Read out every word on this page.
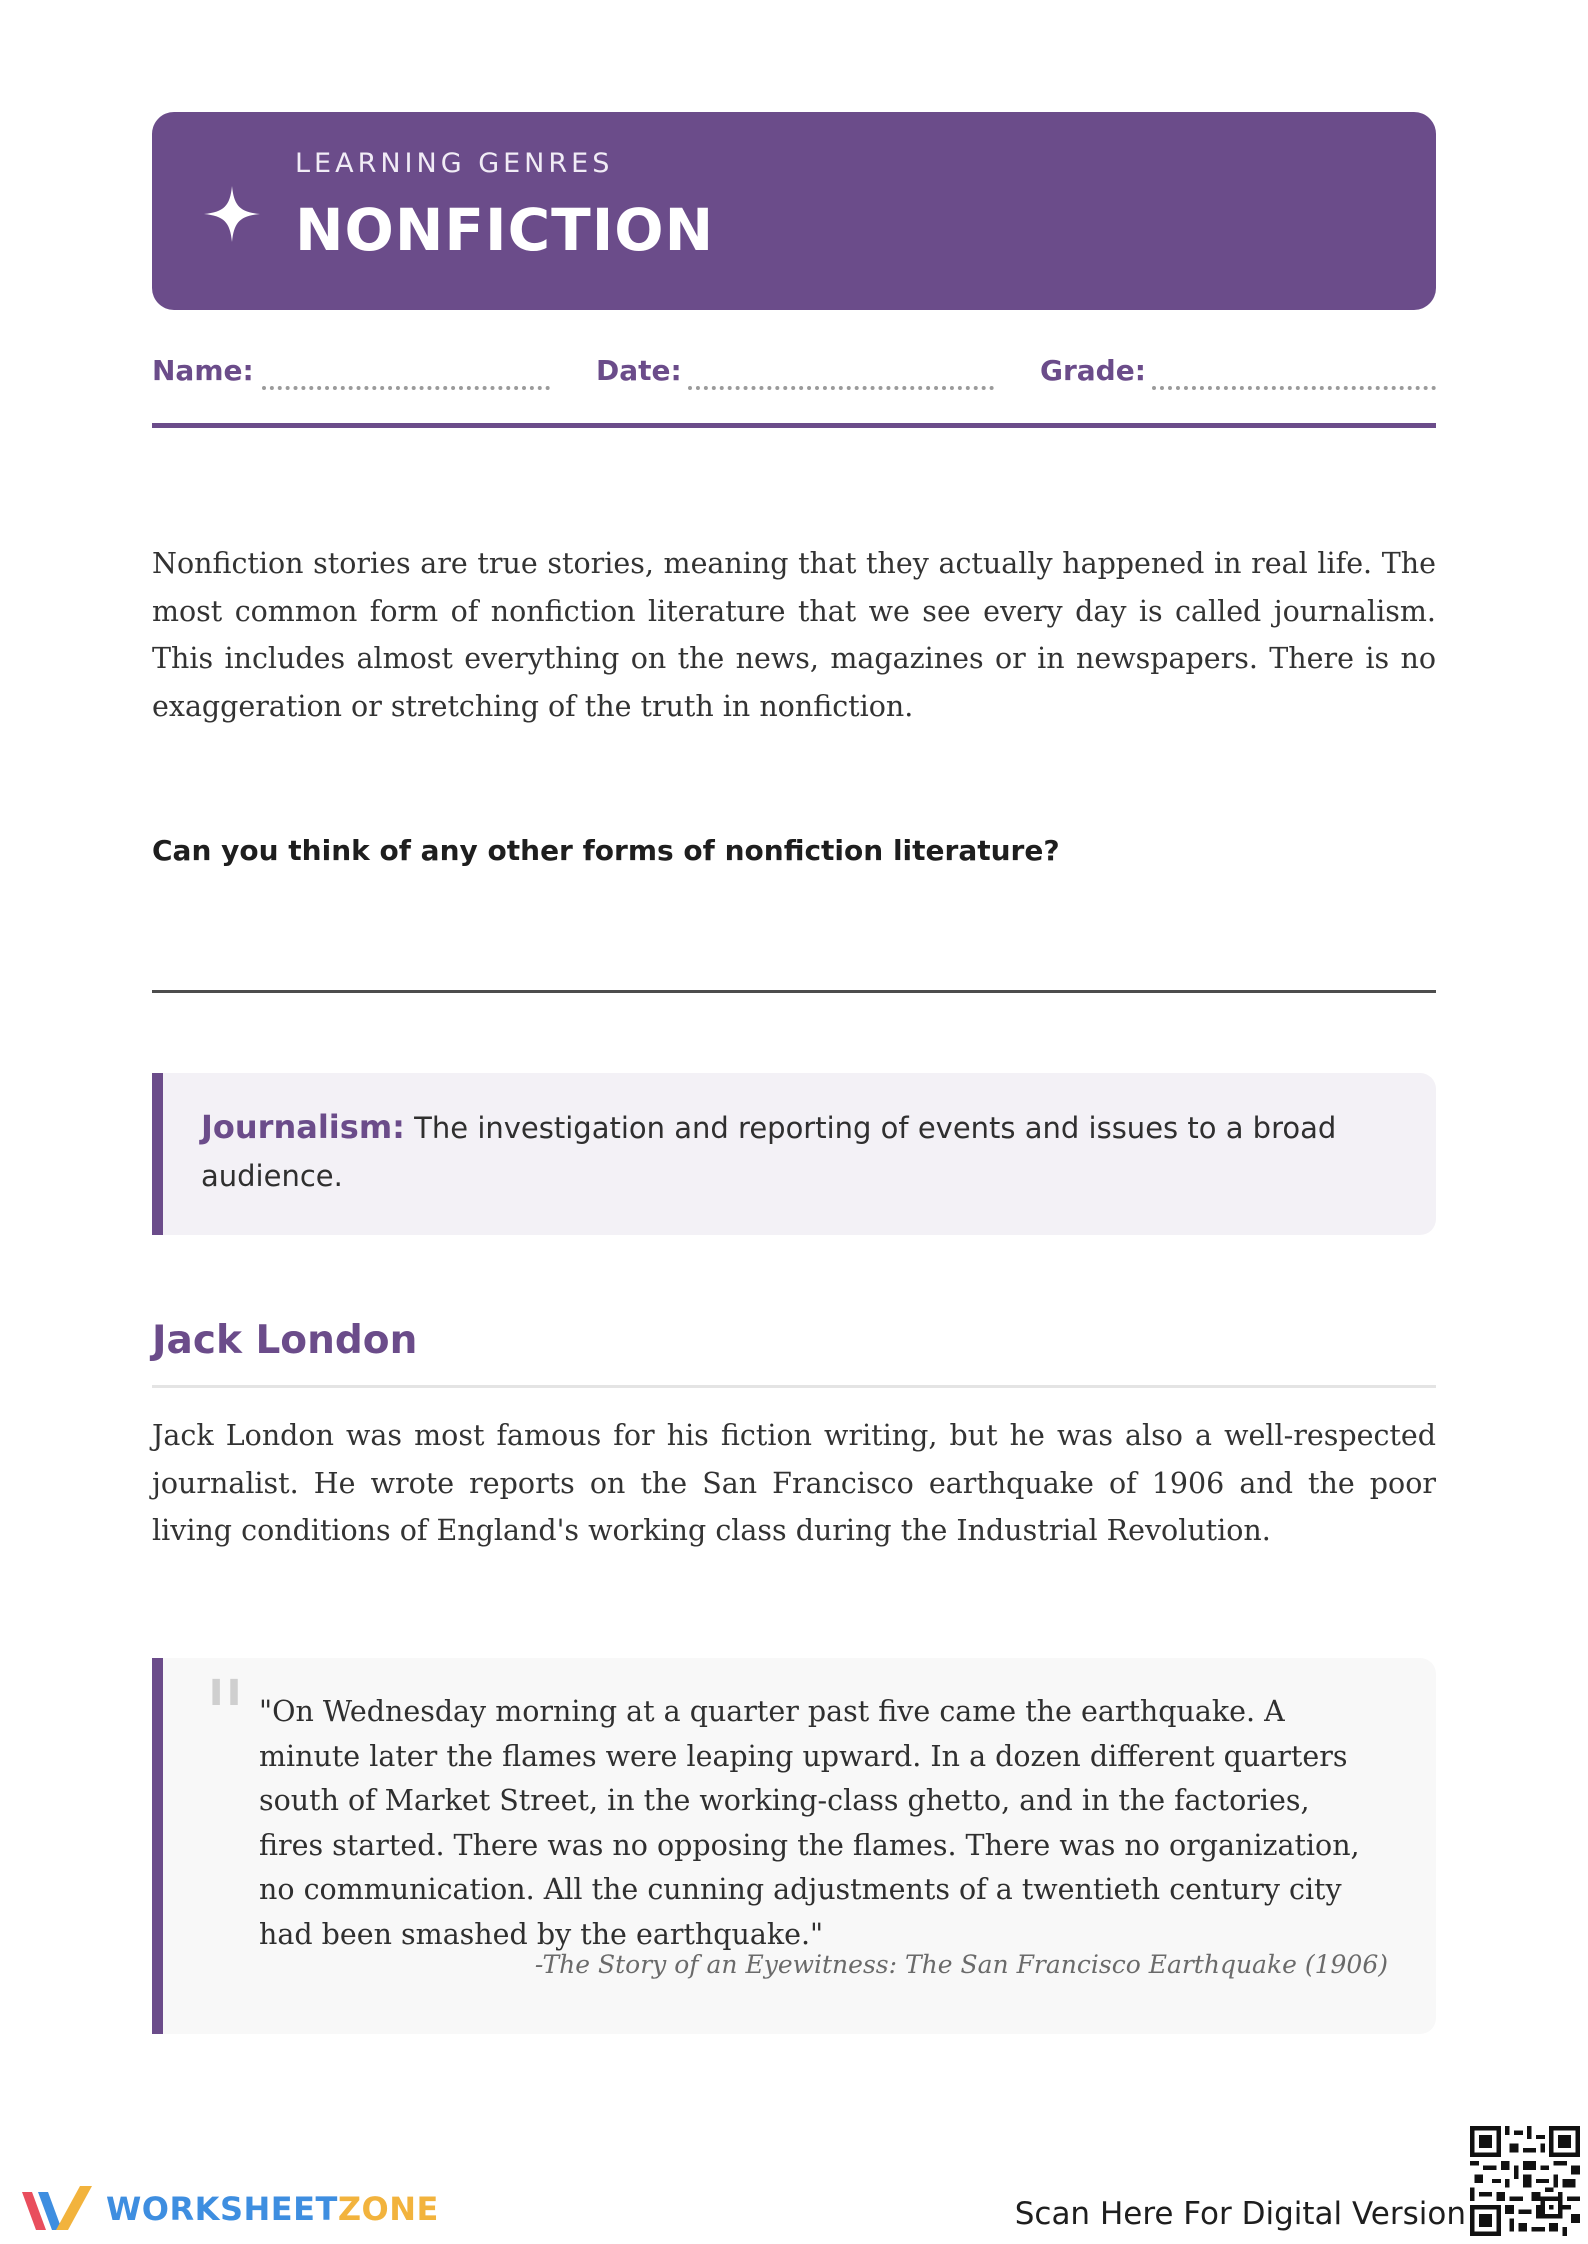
LEARNING GENRES
NONFICTION
Name:	Date:	Grade:

Nonfiction stories are true stories, meaning that they actually happened in real life. The most common form of nonfiction literature that we see every day is called journalism. This includes almost everything on the news, magazines or in newspapers. There is no exaggeration or stretching of the truth in nonfiction.

Can you think of any other forms of nonfiction literature?
Journalism: The investigation and reporting of events and issues to a broad audience.
Jack London

Jack London was most famous for his fiction writing, but he was also a well-respected journalist. He wrote reports on the San Francisco earthquake of 1906 and the poor living conditions of England's working class during the Industrial Revolution.

" "On Wednesday morning at a quarter past five came the earthquake. A minute later the flames were leaping upward. In a dozen different quarters south of Market Street, in the working-class ghetto, and in the factories, fires started. There was no opposing the flames. There was no organization, no communication. All the cunning adjustments of a twentieth century city had been smashed by the earthquake."

-The Story of an Eyewitness: The San Francisco Earthquake (1906)
WORKSHEETZONE	Scan Here For Digital Version
